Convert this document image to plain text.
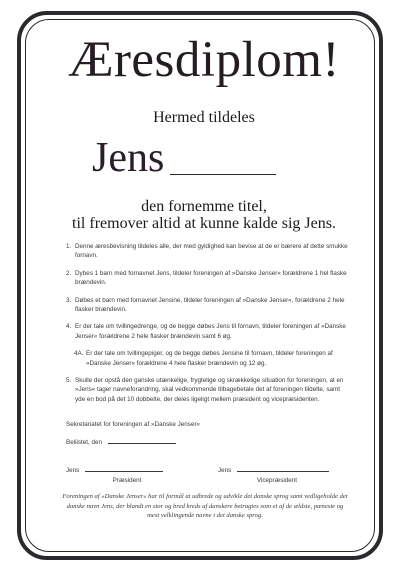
Æresdiplom!
Hermed tildeles
Jens
den fornemme titel,
til fremover altid at kunne kalde sig Jens.
1. Denne æresbevisning tildeles alle, der med gyldighed kan bevise at de er bærere af dette smukke fornavn.
2. Dybes 1 barn med fornavnet Jens, tildeler foreningen af »Danske Jenser« forældrene 1 hel flaske brændevin.
3. Døbes et barn med fornavnet Jensine, tildeler foreningen af »Danske Jenser«, forældrene 2 hele flasker brændevin.
4. Er der tale om tvillingedrenge, og de begge døbes Jens til fornavn, tildeler foreningen af »Danske Jenser« forældrene 2 hele flasker brændevin samt 6 øg.
4A. Er der tale om tvillingepiger, og de begge døbes Jensine til fornavn, tildeler foreningen af »Danske Jenser« forældrene 4 hele flasker brændevin og 12 øg.
5. Skulle der opstå den ganske utænkelige, frygtelige og skrækkelige situation for foreningen, at en »Jens« tager navneforandring, skal vedkommende tilbagebetale det af foreningen tildelte, samt yde en bod på det 10 dobbelte, der deles ligeligt mellem præsident og vicepræsidenten.
Sekretariatet for foreningen af »Danske Jenser«
Beliistet, den
Jens	Jens
Præsident	Vicepræsident
Foreningen af »Danske Jenser« har til formål at udbrede og udvikle det danske sprog samt vedligeholde det danske navn Jens, der blandt en stor og bred kreds af danskere betragtes som et af de ældste, pæneste og mest velklingende navne i det danske sprog.
